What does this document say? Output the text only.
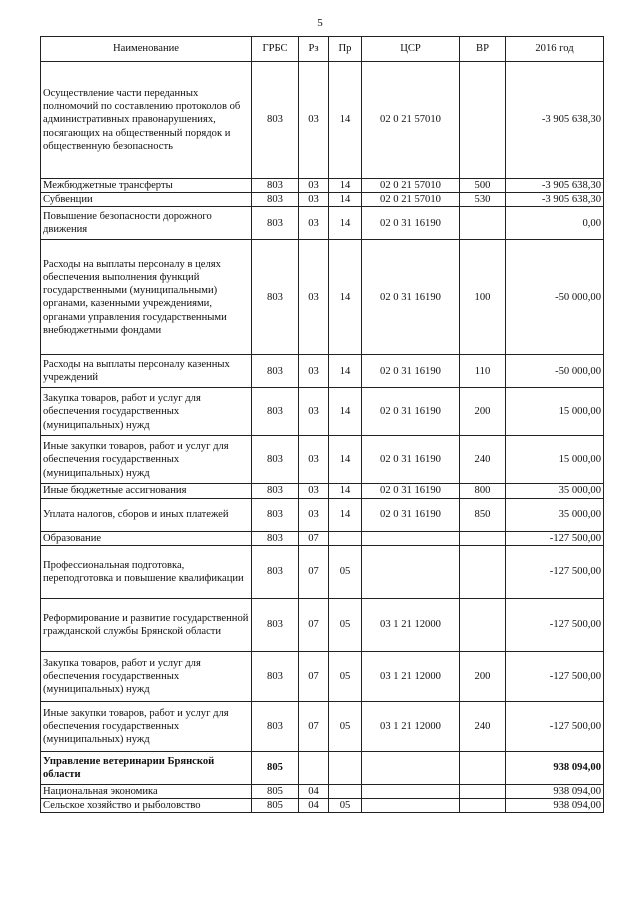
5
Наименование	ГРБС	Рз	Пр	ЦСР	ВР	2016 год
Осуществление части переданных полномочий по составлению протоколов об административных правонарушениях, посягающих на общественный порядок и общественную безопасность	803	03	14	02 0 21 57010		-3 905 638,30
Межбюджетные трансферты	803	03	14	02 0 21 57010	500	-3 905 638,30
Субвенции	803	03	14	02 0 21 57010	530	-3 905 638,30
Повышение безопасности дорожного движения	803	03	14	02 0 31 16190		0,00
Расходы на выплаты персоналу в целях обеспечения выполнения функций государственными (муниципальными) органами, казенными учреждениями, органами управления государственными внебюджетными фондами	803	03	14	02 0 31 16190	100	-50 000,00
Расходы на выплаты персоналу казенных учреждений	803	03	14	02 0 31 16190	110	-50 000,00
Закупка товаров, работ и услуг для обеспечения государственных (муниципальных) нужд	803	03	14	02 0 31 16190	200	15 000,00
Иные закупки товаров, работ и услуг для обеспечения государственных (муниципальных) нужд	803	03	14	02 0 31 16190	240	15 000,00
Иные бюджетные ассигнования	803	03	14	02 0 31 16190	800	35 000,00
Уплата налогов, сборов и иных платежей	803	03	14	02 0 31 16190	850	35 000,00
Образование	803	07				-127 500,00
Профессиональная подготовка, переподготовка и повышение квалификации	803	07	05			-127 500,00
Реформирование и развитие государственной гражданской службы Брянской области	803	07	05	03 1 21 12000		-127 500,00
Закупка товаров, работ и услуг для обеспечения государственных (муниципальных) нужд	803	07	05	03 1 21 12000	200	-127 500,00
Иные закупки товаров, работ и услуг для обеспечения государственных (муниципальных) нужд	803	07	05	03 1 21 12000	240	-127 500,00
Управление ветеринарии Брянской области	805					938 094,00
Национальная экономика	805	04				938 094,00
Сельское хозяйство и рыболовство	805	04	05			938 094,00
